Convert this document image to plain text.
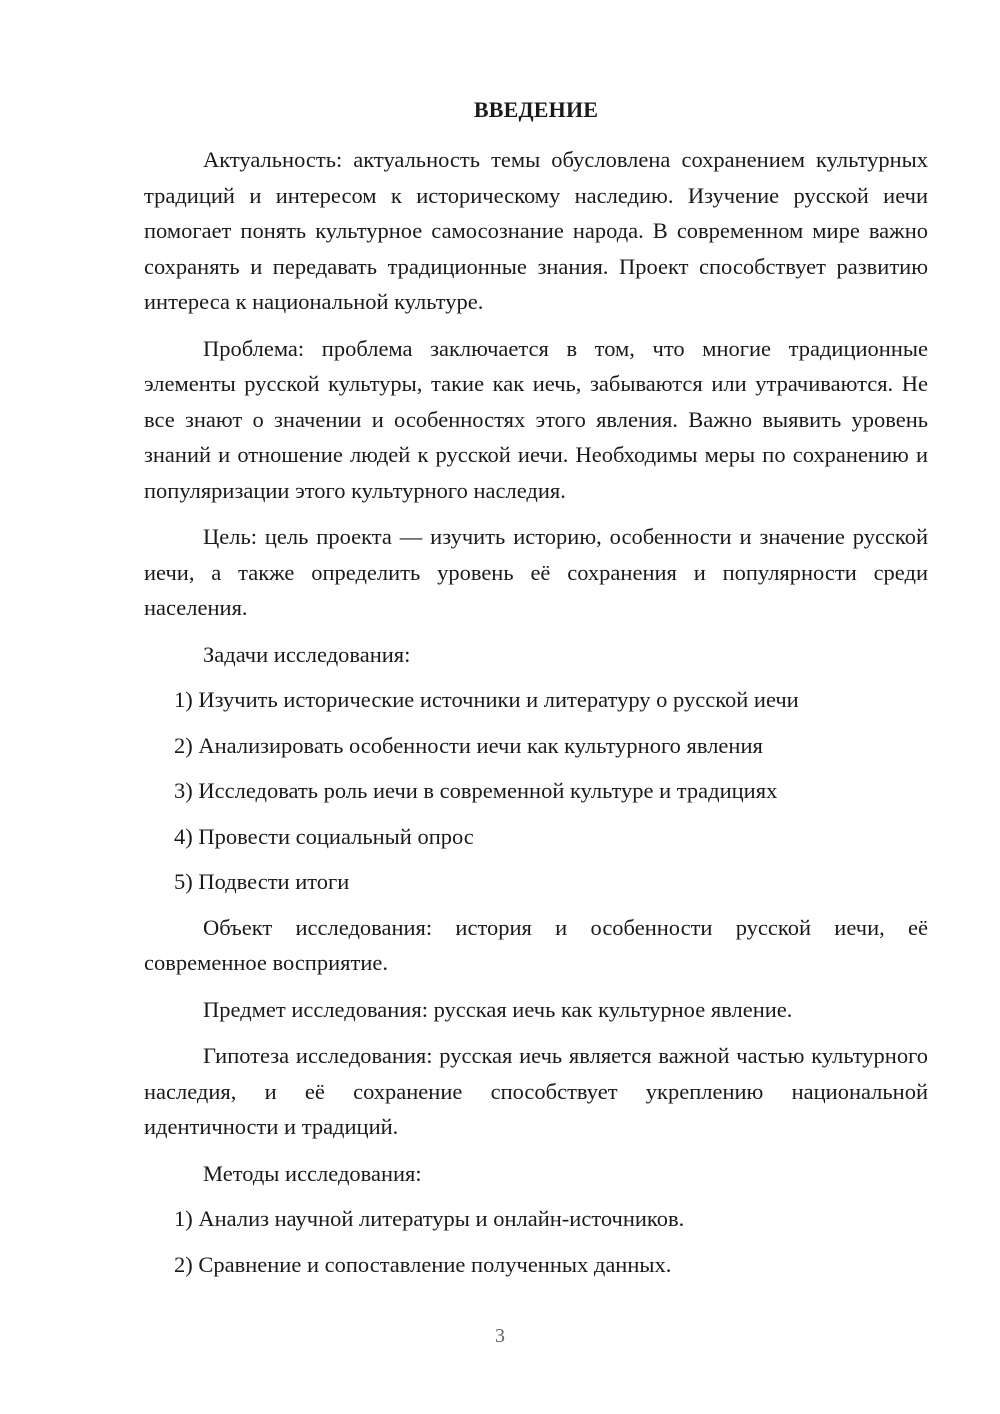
ВВЕДЕНИЕ

Актуальность: актуальность темы обусловлена сохранением культурных традиций и интересом к историческому наследию. Изучение русской иечи помогает понять культурное самосознание народа. В современном мире важно сохранять и передавать традиционные знания. Проект способствует развитию интереса к национальной культуре.

Проблема: проблема заключается в том, что многие традиционные элементы русской культуры, такие как иечь, забываются или утрачиваются. Не все знают о значении и особенностях этого явления. Важно выявить уровень знаний и отношение людей к русской иечи. Необходимы меры по сохранению и популяризации этого культурного наследия.

Цель: цель проекта — изучить историю, особенности и значение русской иечи, а также определить уровень её сохранения и популярности среди населения.

Задачи исследования:

1) Изучить исторические источники и литературу о русской иечи
2) Анализировать особенности иечи как культурного явления
3) Исследовать роль иечи в современной культуре и традициях
4) Провести социальный опрос
5) Подвести итоги

Объект исследования: история и особенности русской иечи, её современное восприятие.

Предмет исследования: русская иечь как культурное явление.

Гипотеза исследования: русская иечь является важной частью культурного наследия, и её сохранение способствует укреплению национальной идентичности и традиций.

Методы исследования:

1) Анализ научной литературы и онлайн-источников.
2) Сравнение и сопоставление полученных данных.
3
